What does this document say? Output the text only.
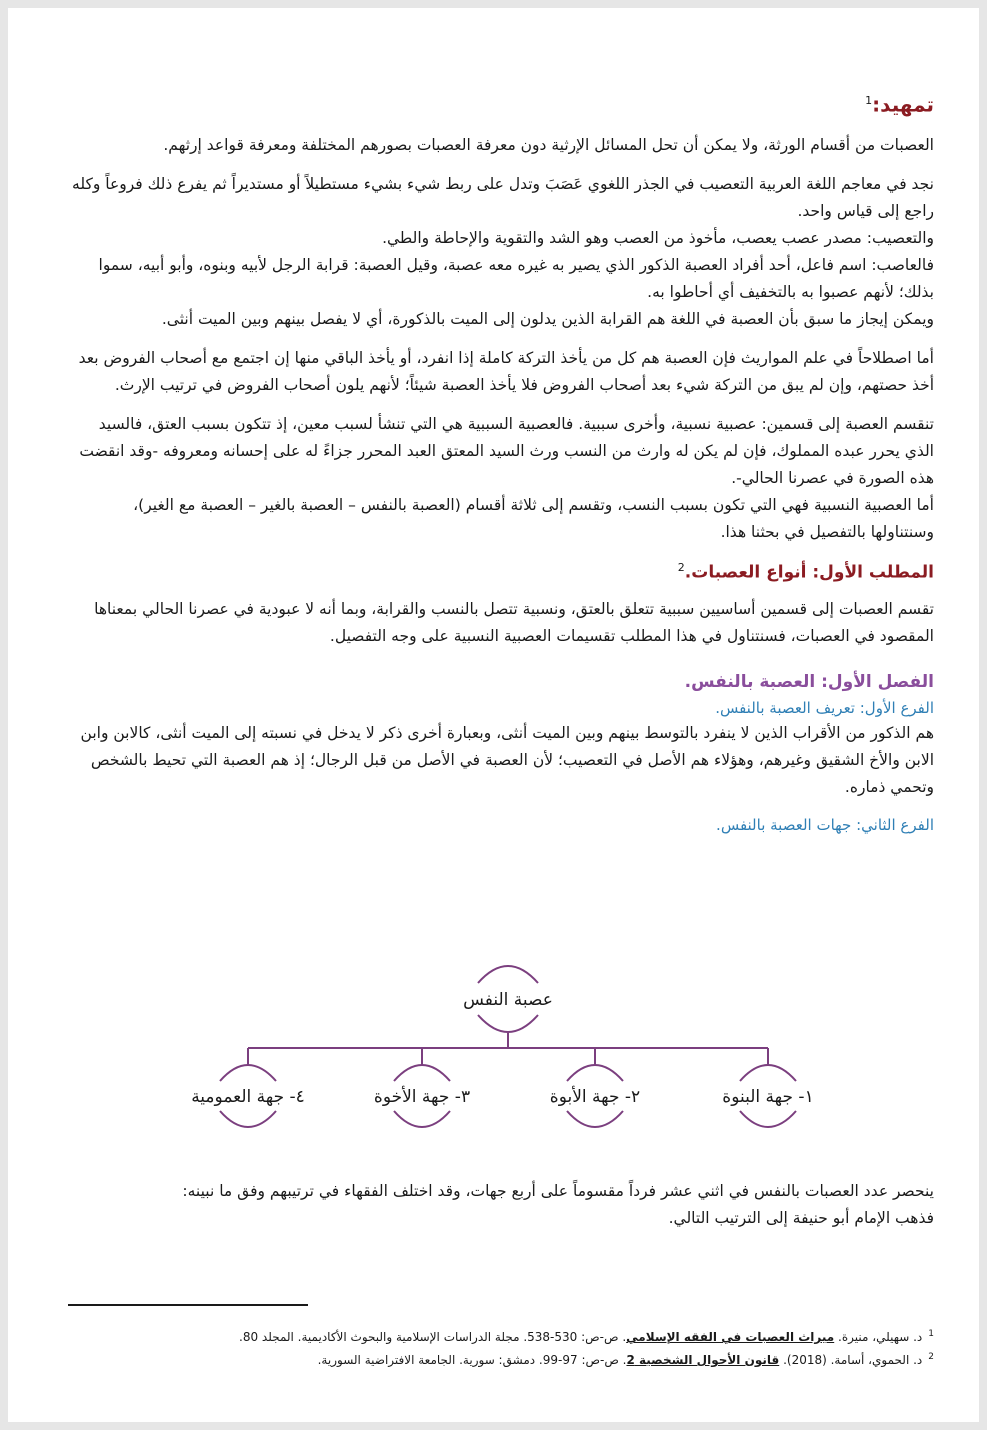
تمهيد:$^1$

العصبات من أقسام الورثة، ولا يمكن أن تحل المسائل الإرثية دون معرفة العصبات بصورهم المختلفة ومعرفة قواعد إرثهم.

نجد في معاجم اللغة العربية التعصيب في الجذر اللغوي عَصَبَ وتدل على ربط شيء بشيء مستطيلاً أو مستديراً ثم يفرع ذلك فروعاً وكله راجع إلى قياس واحد.

والتعصيب: مصدر عصب يعصب، مأخوذ من العصب وهو الشد والتقوية والإحاطة والطي.

فالعاصب: اسم فاعل، أحد أفراد العصبة الذكور الذي يصير به غيره معه عصبة، وقيل العصبة: قرابة الرجل لأبيه وبنوه، وأبو أبيه، سموا بذلك؛ لأنهم عصبوا به بالتخفيف أي أحاطوا به.

ويمكن إيجاز ما سبق بأن العصبة في اللغة هم القرابة الذين يدلون إلى الميت بالذكورة، أي لا يفصل بينهم وبين الميت أنثى.

أما اصطلاحاً في علم المواريث فإن العصبة هم كل من يأخذ التركة كاملة إذا انفرد، أو يأخذ الباقي منها إن اجتمع مع أصحاب الفروض بعد أخذ حصتهم، وإن لم يبق من التركة شيء بعد أصحاب الفروض فلا يأخذ العصبة شيئاً؛ لأنهم يلون أصحاب الفروض في ترتيب الإرث.

تنقسم العصبة إلى قسمين: عصبية نسبية، وأخرى سببية. فالعصبية السببية هي التي تنشأ لسبب معين، إذ تتكون بسبب العتق، فالسيد الذي يحرر عبده المملوك، فإن لم يكن له وارث من النسب ورث السيد المعتق العبد المحرر جزاءً له على إحسانه ومعروفه -وقد انقضت هذه الصورة في عصرنا الحالي-.

أما العصبية النسبية فهي التي تكون بسبب النسب، وتقسم إلى ثلاثة أقسام (العصبة بالنفس – العصبة بالغير – العصبة مع الغير)، وسنتناولها بالتفصيل في بحثنا هذا.

المطلب الأول: أنواع العصبات.$^2$

تقسم العصبات إلى قسمين أساسيين سببية تتعلق بالعتق، ونسبية تتصل بالنسب والقرابة، وبما أنه لا عبودية في عصرنا الحالي بمعناها المقصود في العصبات، فسنتناول في هذا المطلب تقسيمات العصبية النسبية على وجه التفصيل.

الفصل الأول: العصبة بالنفس.
الفرع الأول: تعريف العصبة بالنفس.

هم الذكور من الأقراب الذين لا ينفرد بالتوسط بينهم وبين الميت أنثى، وبعبارة أخرى ذكر لا يدخل في نسبته إلى الميت أنثى، كالابن وابن الابن والأخ الشقيق وغيرهم، وهؤلاء هم الأصل في التعصيب؛ لأن العصبة في الأصل من قبل الرجال؛ إذ هم العصبة التي تحيط بالشخص وتحمي ذماره.

الفرع الثاني: جهات العصبة بالنفس.
عصبة النفس
١- جهة البنوة
٢- جهة الأبوة
٣- جهة الأخوة
٤- جهة العمومية

ينحصر عدد العصبات بالنفس في اثني عشر فرداً مقسوماً على أربع جهات، وقد اختلف الفقهاء في ترتيبهم وفق ما نبينه:

فذهب الإمام أبو حنيفة إلى الترتيب التالي.

$^1$د. سهيلي، منيرة. ميراث العصبات في الفقه الإسلامي. ص-ص: 530-538. مجلة الدراسات الإسلامية والبحوث الأكاديمية. المجلد 80.
$^2$د. الحموي، أسامة. (2018). قانون الأحوال الشخصية 2. ص-ص: 97-99. دمشق: سورية. الجامعة الافتراضية السورية.
